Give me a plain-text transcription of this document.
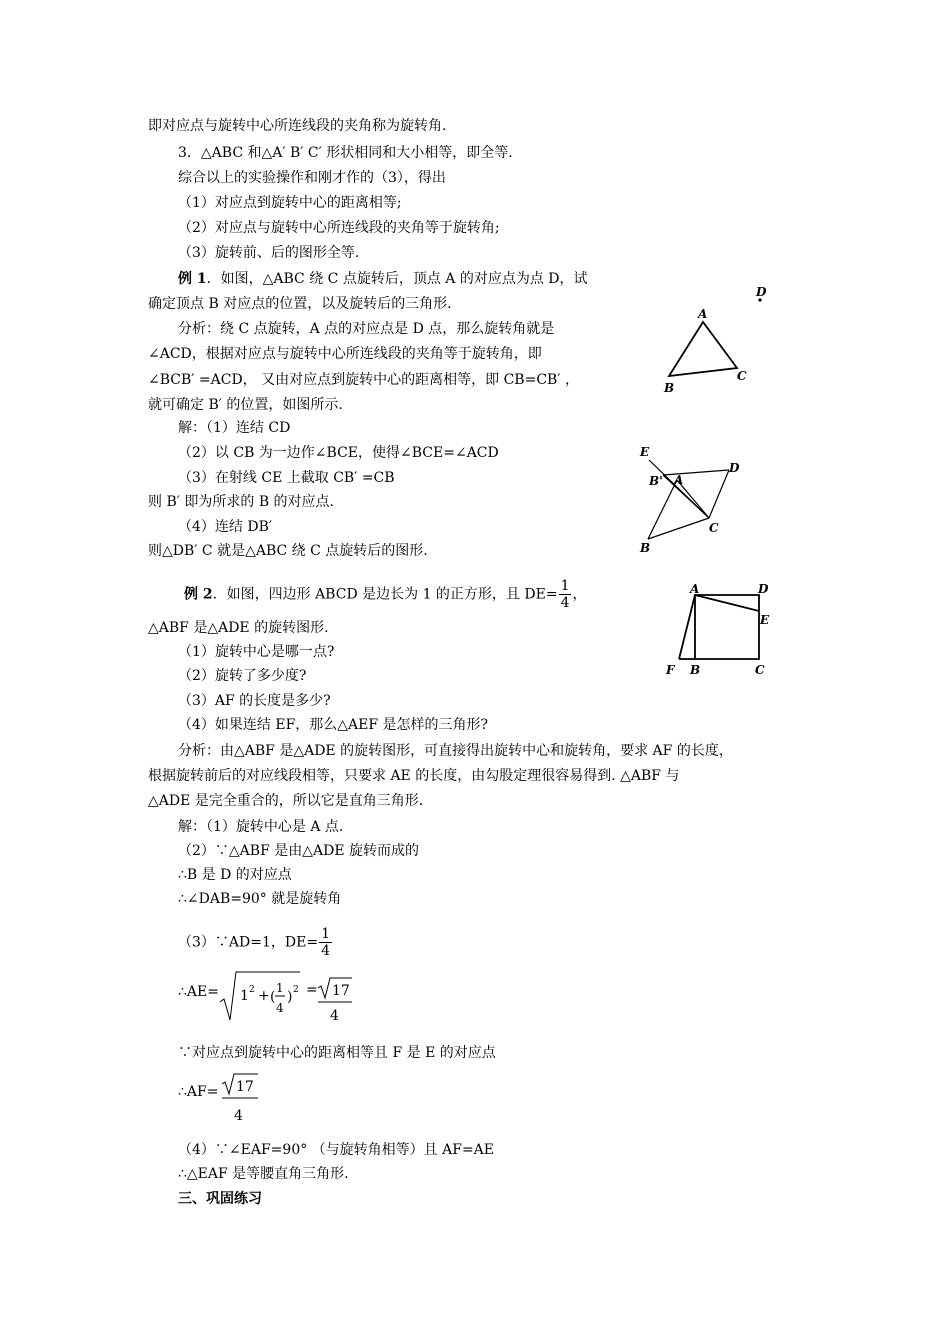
即对应点与旋转中心所连线段的夹角称为旋转角.
3．△ABC 和△A′ B′ C′ 形状相同和大小相等，即全等.
综合以上的实验操作和刚才作的（3），得出
（1）对应点到旋转中心的距离相等;
（2）对应点与旋转中心所连线段的夹角等于旋转角;
（3）旋转前、后的图形全等.
例 1．如图，△ABC 绕 C 点旋转后，顶点 A 的对应点为点 D，试
确定顶点 B 对应点的位置，以及旋转后的三角形.
分析：绕 C 点旋转，A 点的对应点是 D 点，那么旋转角就是
∠ACD，根据对应点与旋转中心所连线段的夹角等于旋转角，即
∠BCB′ =ACD， 又由对应点到旋转中心的距离相等，即 CB=CB′ ，
就可确定 B′ 的位置，如图所示.
解：（1）连结 CD
（2）以 CB 为一边作∠BCE，使得∠BCE=∠ACD
（3）在射线 CE 上截取 CB′ =CB
则 B′ 即为所求的 B 的对应点.
（4）连结 DB′
则△DB′ C 就是△ABC 绕 C 点旋转后的图形.
例 2．如图，四边形 ABCD 是边长为 1 的正方形，且 $DE= \frac{1}{4}$ ，
△ABF 是△ADE 的旋转图形.
（1）旋转中心是哪一点?
（2）旋转了多少度?
（3）AF 的长度是多少?
（4）如果连结 EF，那么△AEF 是怎样的三角形?
分析：由△ABF 是△ADE 的旋转图形，可直接得出旋转中心和旋转角，要求 AF 的长度，
根据旋转前后的对应线段相等，只要求 AE 的长度，由勾股定理很容易得到. △ABF 与
△ADE 是完全重合的，所以它是直角三角形.
解：（1）旋转中心是 A 点.
（2）∵△ABF 是由△ADE 旋转而成的
∴B 是 D 的对应点
∴∠DAB=90° 就是旋转角
（3）∵AD=1，$DE= \frac{1}{4}$
∴AE= 1 2 + (
1
4
) 2 = 17
4
∵对应点到旋转中心的距离相等且 F 是 E 的对应点
∴AF= 17
4
（4）∵∠EAF=90° （与旋转角相等）且 AF=AE
∴△EAF 是等腰直角三角形.
三、巩固练习
A
B
C
D
E
B' A
D
C
B
A	D
E
F B	C
